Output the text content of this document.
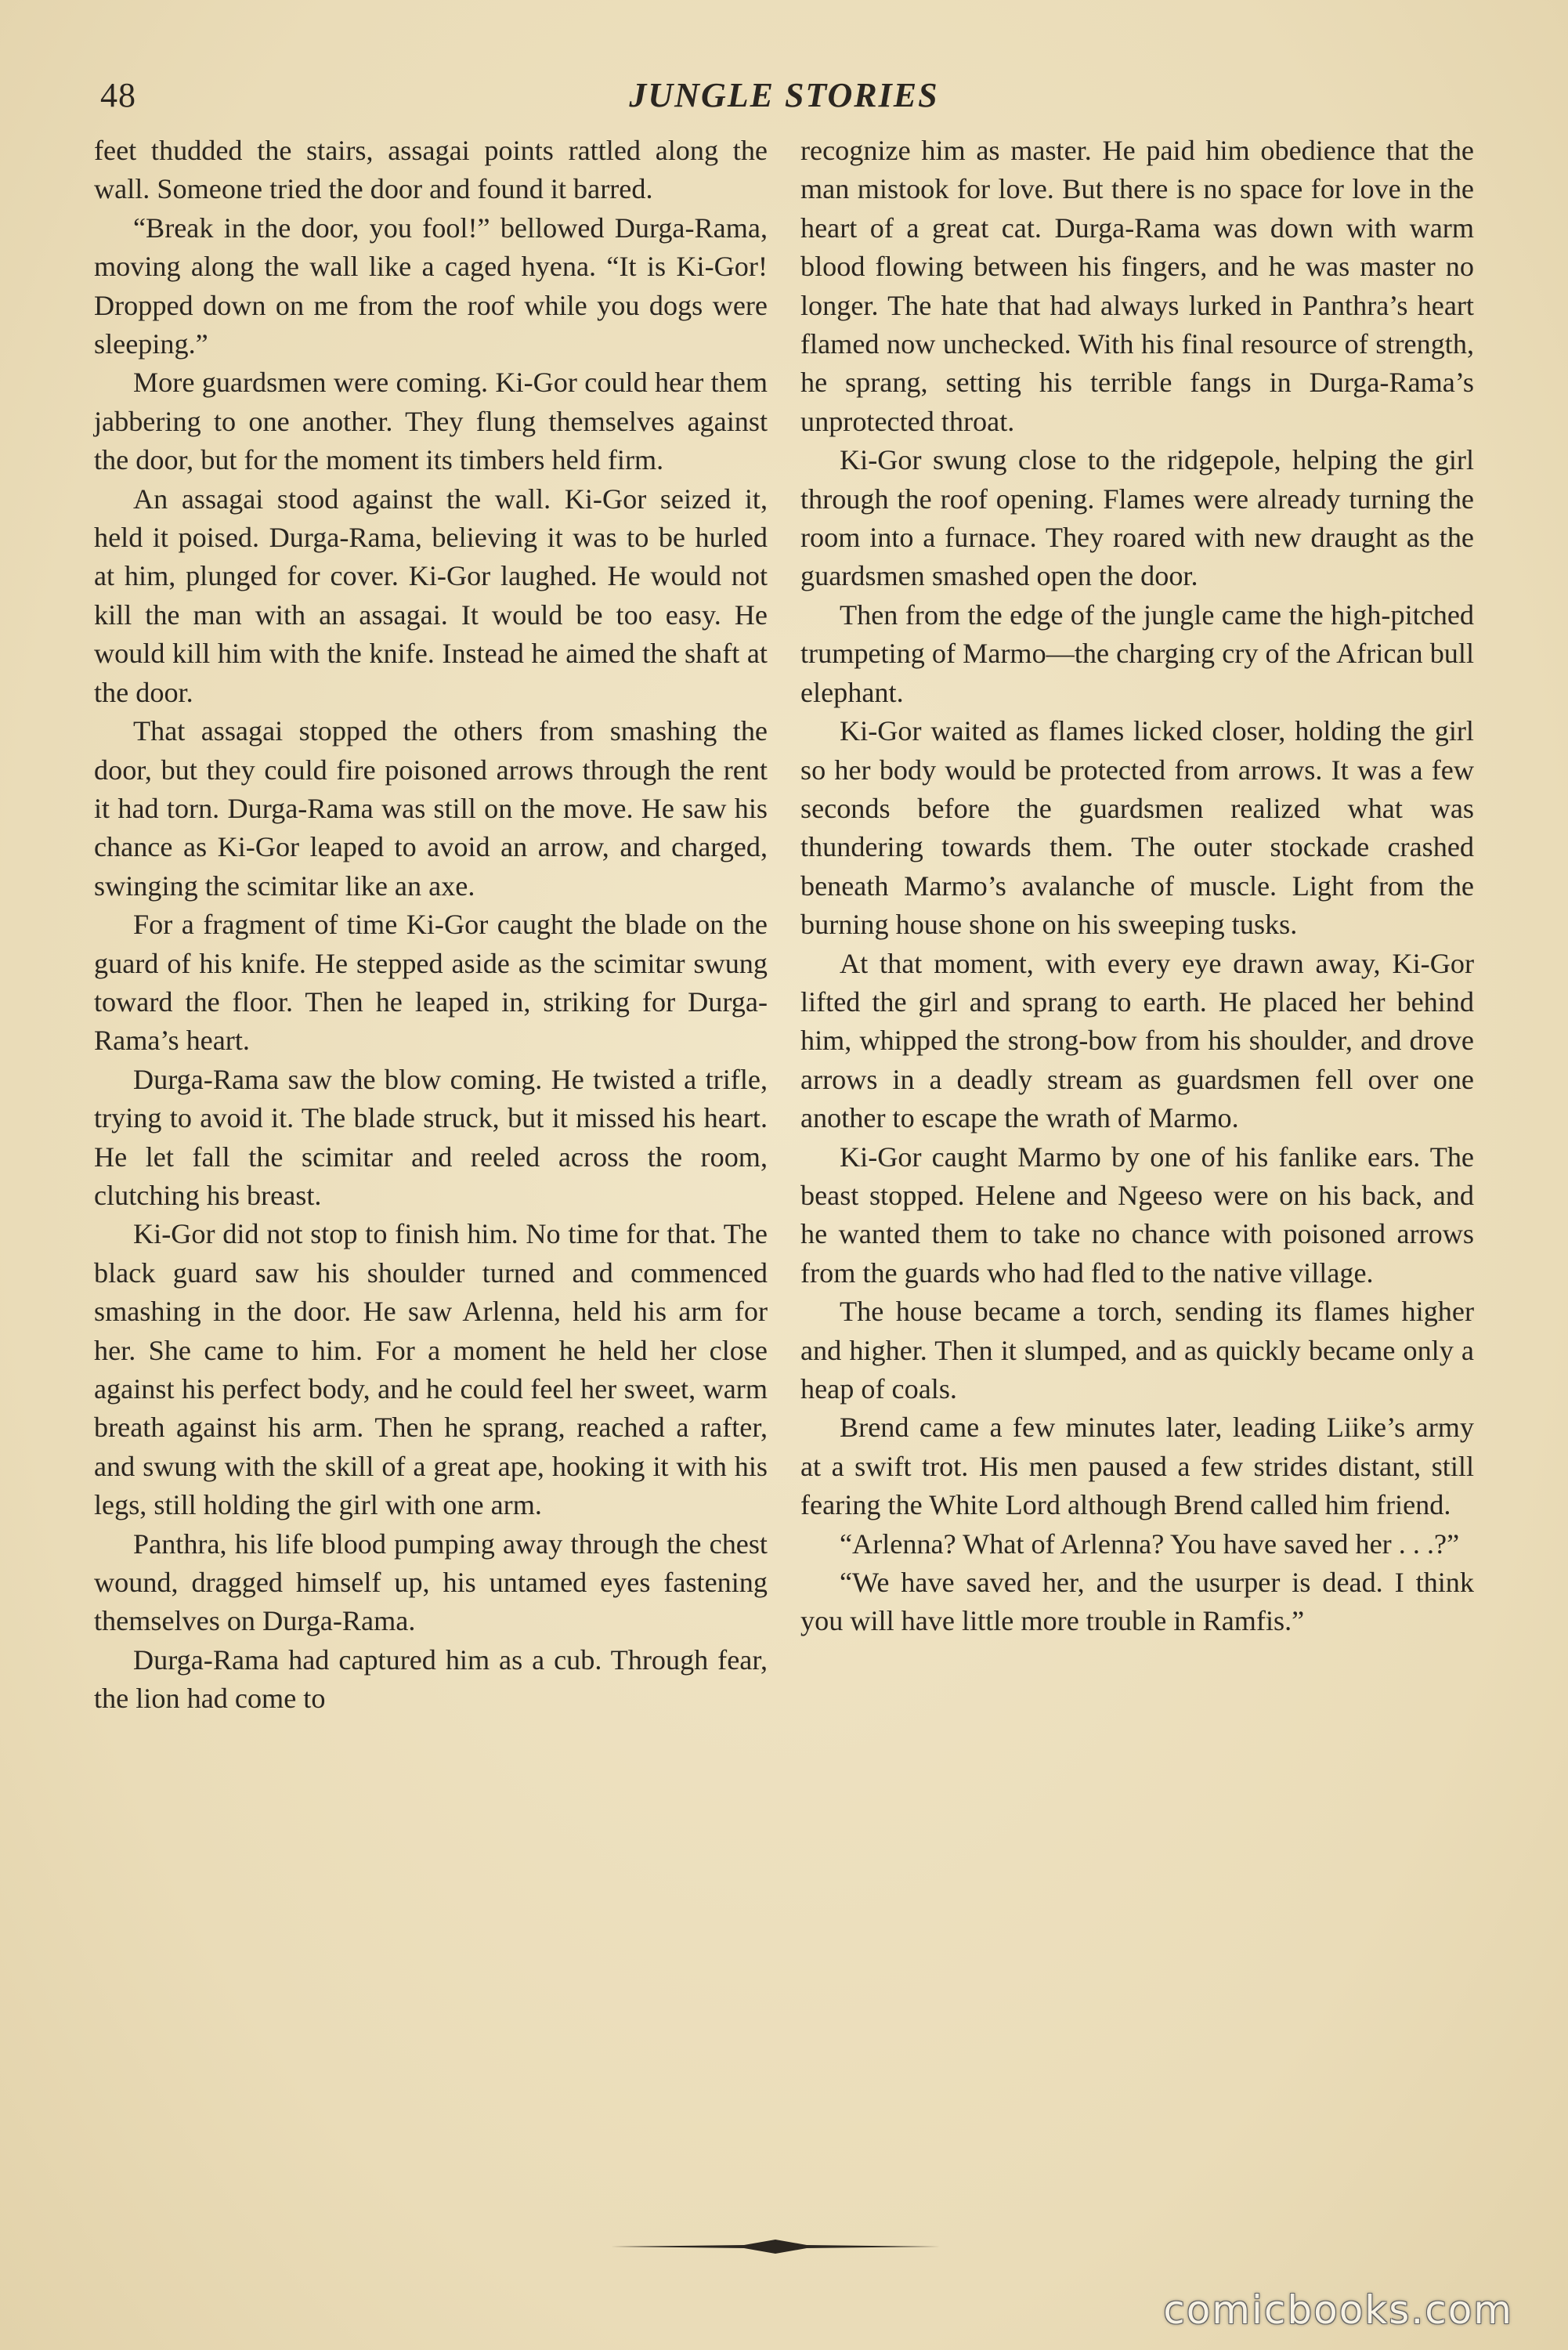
48	JUNGLE STORIES

feet thudded the stairs, assagai points rattled along the wall. Someone tried the door and found it barred.

“Break in the door, you fool!” bellowed Durga-Rama, moving along the wall like a caged hyena. “It is Ki-Gor! Dropped down on me from the roof while you dogs were sleeping.”

More guardsmen were coming. Ki-Gor could hear them jabbering to one another. They flung themselves against the door, but for the moment its timbers held firm.

An assagai stood against the wall. Ki-Gor seized it, held it poised. Durga-Rama, believing it was to be hurled at him, plunged for cover. Ki-Gor laughed. He would not kill the man with an assagai. It would be too easy. He would kill him with the knife. Instead he aimed the shaft at the door.

That assagai stopped the others from smashing the door, but they could fire poisoned arrows through the rent it had torn. Durga-Rama was still on the move. He saw his chance as Ki-Gor leaped to avoid an arrow, and charged, swinging the scimitar like an axe.

For a fragment of time Ki-Gor caught the blade on the guard of his knife. He stepped aside as the scimitar swung toward the floor. Then he leaped in, striking for Durga-Rama’s heart.

Durga-Rama saw the blow coming. He twisted a trifle, trying to avoid it. The blade struck, but it missed his heart. He let fall the scimitar and reeled across the room, clutching his breast.

Ki-Gor did not stop to finish him. No time for that. The black guard saw his shoulder turned and commenced smashing in the door. He saw Arlenna, held his arm for her. She came to him. For a moment he held her close against his perfect body, and he could feel her sweet, warm breath against his arm. Then he sprang, reached a rafter, and swung with the skill of a great ape, hooking it with his legs, still holding the girl with one arm.

Panthra, his life blood pumping away through the chest wound, dragged himself up, his untamed eyes fastening themselves on Durga-Rama.

Durga-Rama had captured him as a cub. Through fear, the lion had come to

recognize him as master. He paid him obedience that the man mistook for love. But there is no space for love in the heart of a great cat. Durga-Rama was down with warm blood flowing between his fingers, and he was master no longer. The hate that had always lurked in Panthra’s heart flamed now unchecked. With his final resource of strength, he sprang, setting his terrible fangs in Durga-Rama’s unprotected throat.

Ki-Gor swung close to the ridgepole, helping the girl through the roof opening. Flames were already turning the room into a furnace. They roared with new draught as the guardsmen smashed open the door.

Then from the edge of the jungle came the high-pitched trumpeting of Marmo—the charging cry of the African bull elephant.

Ki-Gor waited as flames licked closer, holding the girl so her body would be protected from arrows. It was a few seconds before the guardsmen realized what was thundering towards them. The outer stockade crashed beneath Marmo’s avalanche of muscle. Light from the burning house shone on his sweeping tusks.

At that moment, with every eye drawn away, Ki-Gor lifted the girl and sprang to earth. He placed her behind him, whipped the strong-bow from his shoulder, and drove arrows in a deadly stream as guardsmen fell over one another to escape the wrath of Marmo.

Ki-Gor caught Marmo by one of his fanlike ears. The beast stopped. Helene and Ngeeso were on his back, and he wanted them to take no chance with poisoned arrows from the guards who had fled to the native village.

The house became a torch, sending its flames higher and higher. Then it slumped, and as quickly became only a heap of coals.

Brend came a few minutes later, leading Liike’s army at a swift trot. His men paused a few strides distant, still fearing the White Lord although Brend called him friend.

“Arlenna? What of Arlenna? You have saved her . . .?”

“We have saved her, and the usurper is dead. I think you will have little more trouble in Ramfis.”

comicbooks.com
